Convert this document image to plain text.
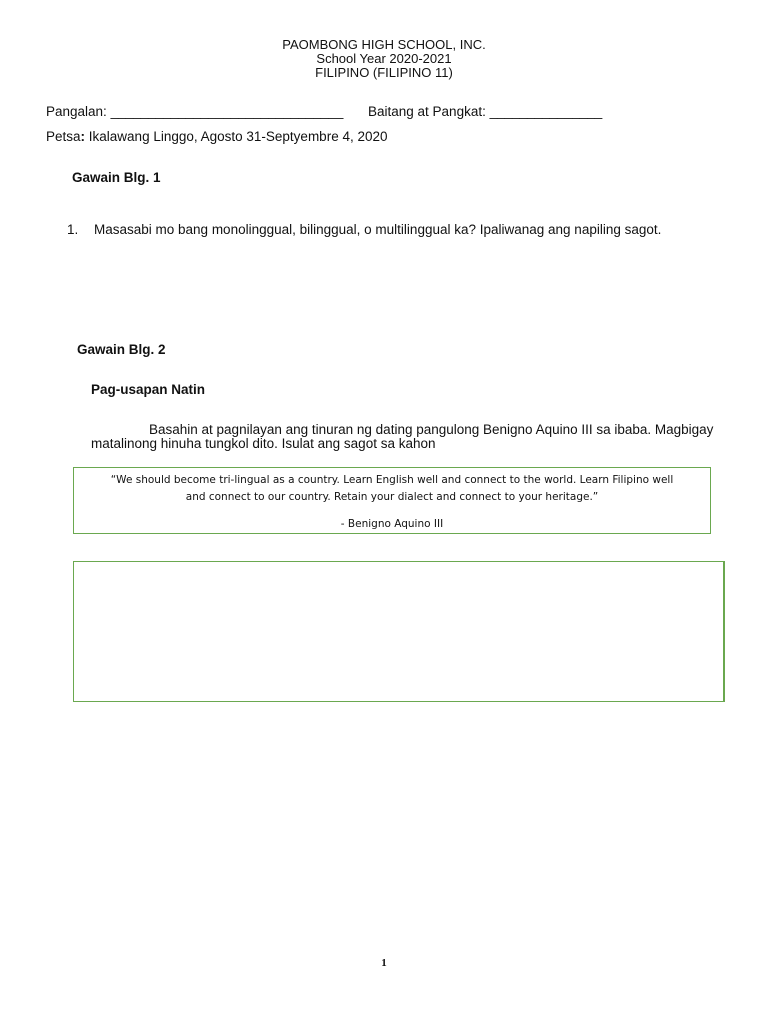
PAOMBONG HIGH SCHOOL, INC.
School Year 2020-2021
FILIPINO (FILIPINO 11)
Pangalan: _______________________________ Baitang at Pangkat: _______________
Petsa: Ikalawang Linggo, Agosto 31-Septyembre 4, 2020
Gawain Blg. 1
1. Masasabi mo bang monolinggual, bilinggual, o multilinggual ka? Ipaliwanag ang napiling sagot.
Gawain Blg. 2
Pag-usapan Natin
Basahin at pagnilayan ang tinuran ng dating pangulong Benigno Aquino III sa ibaba. Magbigay
matalinong hinuha tungkol dito. Isulat ang sagot sa kahon
“We should become tri-lingual as a country. Learn English well and connect to the world. Learn Filipino well
and connect to our country. Retain your dialect and connect to your heritage.”
- Benigno Aquino III
1
